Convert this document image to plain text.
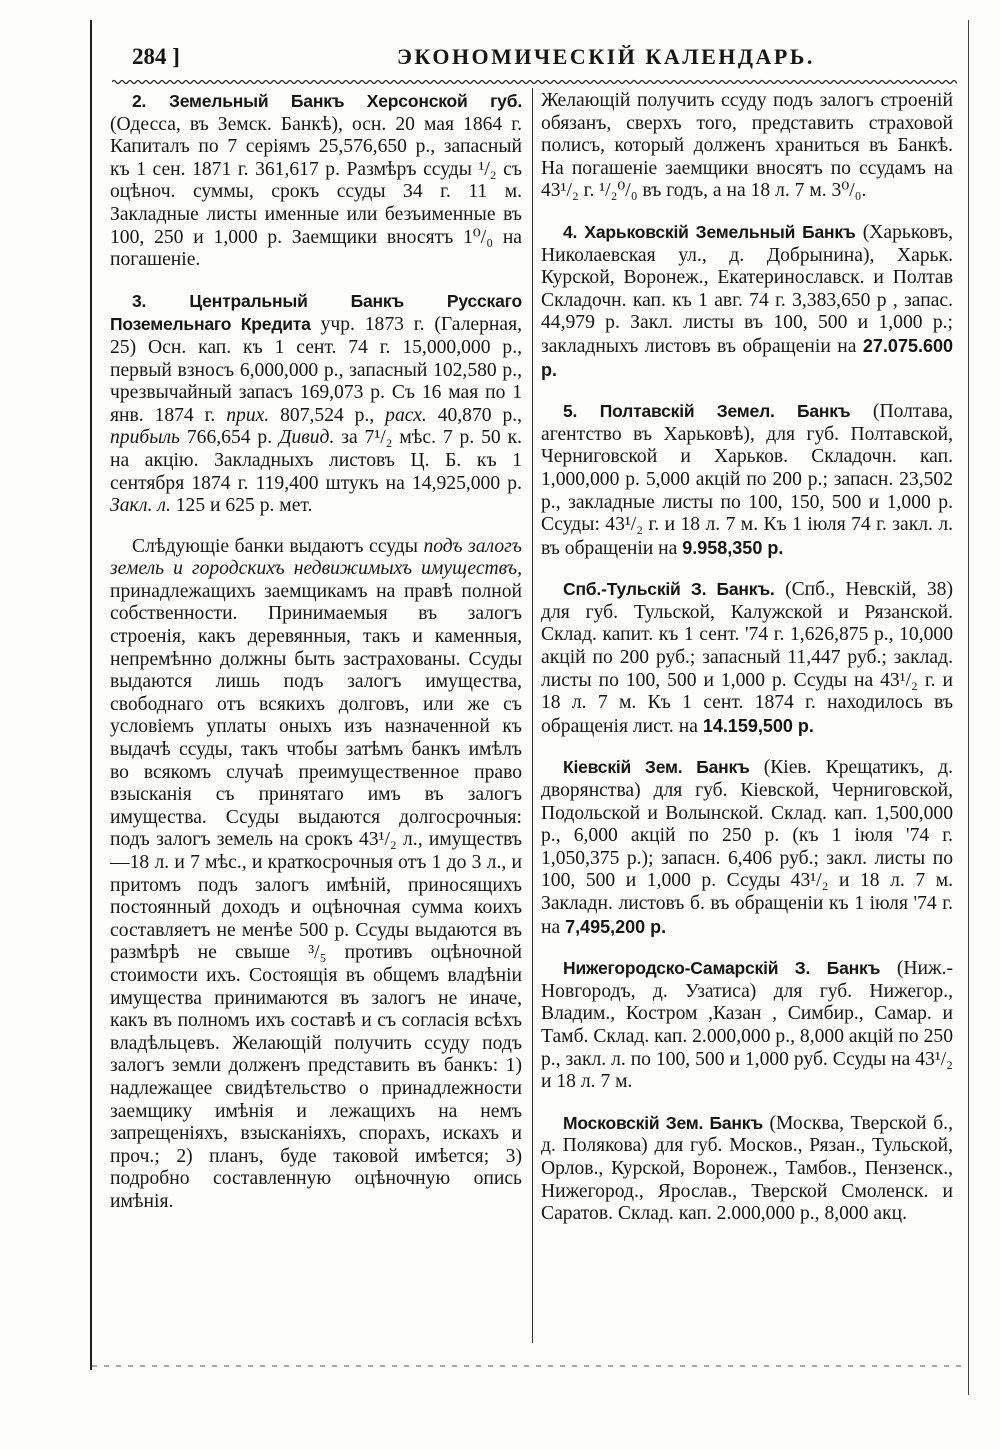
284 ]	ЭКОНОМИЧЕСКІЙ КАЛЕНДАРЬ.

2. Земельный Банкъ Херсонской губ. (Одесса, въ Земск. Банкѣ), осн. 20 мая 1864 г. Капиталъ по 7 серіямъ 25,576,650 р., запасный къ 1 сен. 1871 г. 361,617 р. Размѣръ ссуды ¹/₂ съ оцѣноч. суммы, срокъ ссуды 34 г. 11 м. Закладные листы именные или безъименные въ 100, 250 и 1,000 р. Заемщики вносятъ 1⁰/₀ на погашеніе.

3. Центральный Банкъ Русскаго Поземельнаго Кредита учр. 1873 г. (Галерная, 25) Осн. кап. къ 1 сент. 74 г. 15,000,000 р., первый взносъ 6,000,000 р., запасный 102,580 р., чрезвычайный запасъ 169,073 р. Съ 16 мая по 1 янв. 1874 г. прих. 807,524 р., расх. 40,870 р., прибыль 766,654 р. Дивид. за 7¹/₂ мѣс. 7 р. 50 к. на акцію. Закладныхъ листовъ Ц. Б. къ 1 сентября 1874 г. 119,400 штукъ на 14,925,000 р. Закл. л. 125 и 625 р. мет.

Слѣдующіе банки выдаютъ ссуды подъ залогъ земель и городскихъ недвижимыхъ имуществъ, принадлежащихъ заемщикамъ на правѣ полной собственности. Принимаемыя въ залогъ строенія, какъ деревянныя, такъ и каменныя, непремѣнно должны быть застрахованы. Ссуды выдаются лишь подъ залогъ имущества, свободнаго отъ всякихъ долговъ, или же съ условіемъ уплаты оныхъ изъ назначенной къ выдачѣ ссуды, такъ чтобы затѣмъ банкъ имѣлъ во всякомъ случаѣ преимущественное право взысканія съ принятаго имъ въ залогъ имущества. Ссуды выдаются долгосрочныя: подъ залогъ земель на срокъ 43¹/₂ л., имуществъ—18 л. и 7 мѣс., и краткосрочныя отъ 1 до 3 л., и притомъ подъ залогъ имѣній, приносящихъ постоянный доходъ и оцѣночная сумма коихъ составляетъ не менѣе 500 р. Ссуды выдаются въ размѣрѣ не свыше ³/₅ противъ оцѣночной стоимости ихъ. Состоящія въ общемъ владѣніи имущества принимаются въ залогъ не иначе, какъ въ полномъ ихъ составѣ и съ согласія всѣхъ владѣльцевъ. Желающій получить ссуду подъ залогъ земли долженъ представить въ банкъ: 1) надлежащее свидѣтельство о принадлежности заемщику имѣнія и лежащихъ на немъ запрещеніяхъ, взысканіяхъ, спорахъ, искахъ и проч.; 2) планъ, буде таковой имѣется; 3) подробно составленную оцѣночную опись имѣнія.

Желающій получить ссуду подъ залогъ строеній обязанъ, сверхъ того, представить страховой полисъ, который долженъ храниться въ Банкѣ. На погашеніе заемщики вносятъ по ссудамъ на 43¹/₂ г. ¹/₂⁰/₀ въ годъ, а на 18 л. 7 м. 3⁰/₀.

4. Харьковскій Земельный Банкъ (Харьковъ, Николаевская ул., д. Добрынина), Харьк. Курской, Воронеж., Екатеринославск. и Полтав Складочн. кап. къ 1 авг. 74 г. 3,383,650 р , запас. 44,979 р. Закл. листы въ 100, 500 и 1,000 р.; закладныхъ листовъ въ обращеніи на 27.075.600 р.

5. Полтавскій Земел. Банкъ (Полтава, агентство въ Харьковѣ), для губ. Полтавской, Черниговской и Харьков. Складочн. кап. 1,000,000 р. 5,000 акцій по 200 р.; запасн. 23,502 р., закладные листы по 100, 150, 500 и 1,000 р. Ссуды: 43¹/₂ г. и 18 л. 7 м. Къ 1 іюля 74 г. закл. л. въ обращеніи на 9.958,350 р.

Спб.-Тульскій З. Банкъ. (Спб., Невскій, 38) для губ. Тульской, Калужской и Рязанской. Склад. капит. къ 1 сент. '74 г. 1,626,875 р., 10,000 акцій по 200 руб.; запасный 11,447 руб.; заклад. листы по 100, 500 и 1,000 р. Ссуды на 43¹/₂ г. и 18 л. 7 м. Къ 1 сент. 1874 г. находилось въ обращенія лист. на 14.159,500 р.

Кіевскій Зем. Банкъ (Кіев. Крещатикъ, д. дворянства) для губ. Кіевской, Черниговской, Подольской и Волынской. Склад. кап. 1,500,000 р., 6,000 акцій по 250 р. (къ 1 іюля '74 г. 1,050,375 р.); запасн. 6,406 руб.; закл. листы по 100, 500 и 1,000 р. Ссуды 43¹/₂ и 18 л. 7 м. Закладн. листовъ б. въ обращеніи къ 1 іюля '74 г. на 7,495,200 р.

Нижегородско-Самарскій З. Банкъ (Ниж.-Новгородъ, д. Узатиса) для губ. Нижегор., Владим., Костром ,Казан , Симбир., Самар. и Тамб. Склад. кап. 2.000,000 р., 8,000 акцій по 250 р., закл. л. по 100, 500 и 1,000 руб. Ссуды на 43¹/₂ и 18 л. 7 м.

Московскій Зем. Банкъ (Москва, Тверской б., д. Полякова) для губ. Москов., Рязан., Тульской, Орлов., Курской, Воронеж., Тамбов., Пензенск., Нижегород., Ярослав., Тверской Смоленск. и Саратов. Склад. кап. 2.000,000 р., 8,000 акц.
